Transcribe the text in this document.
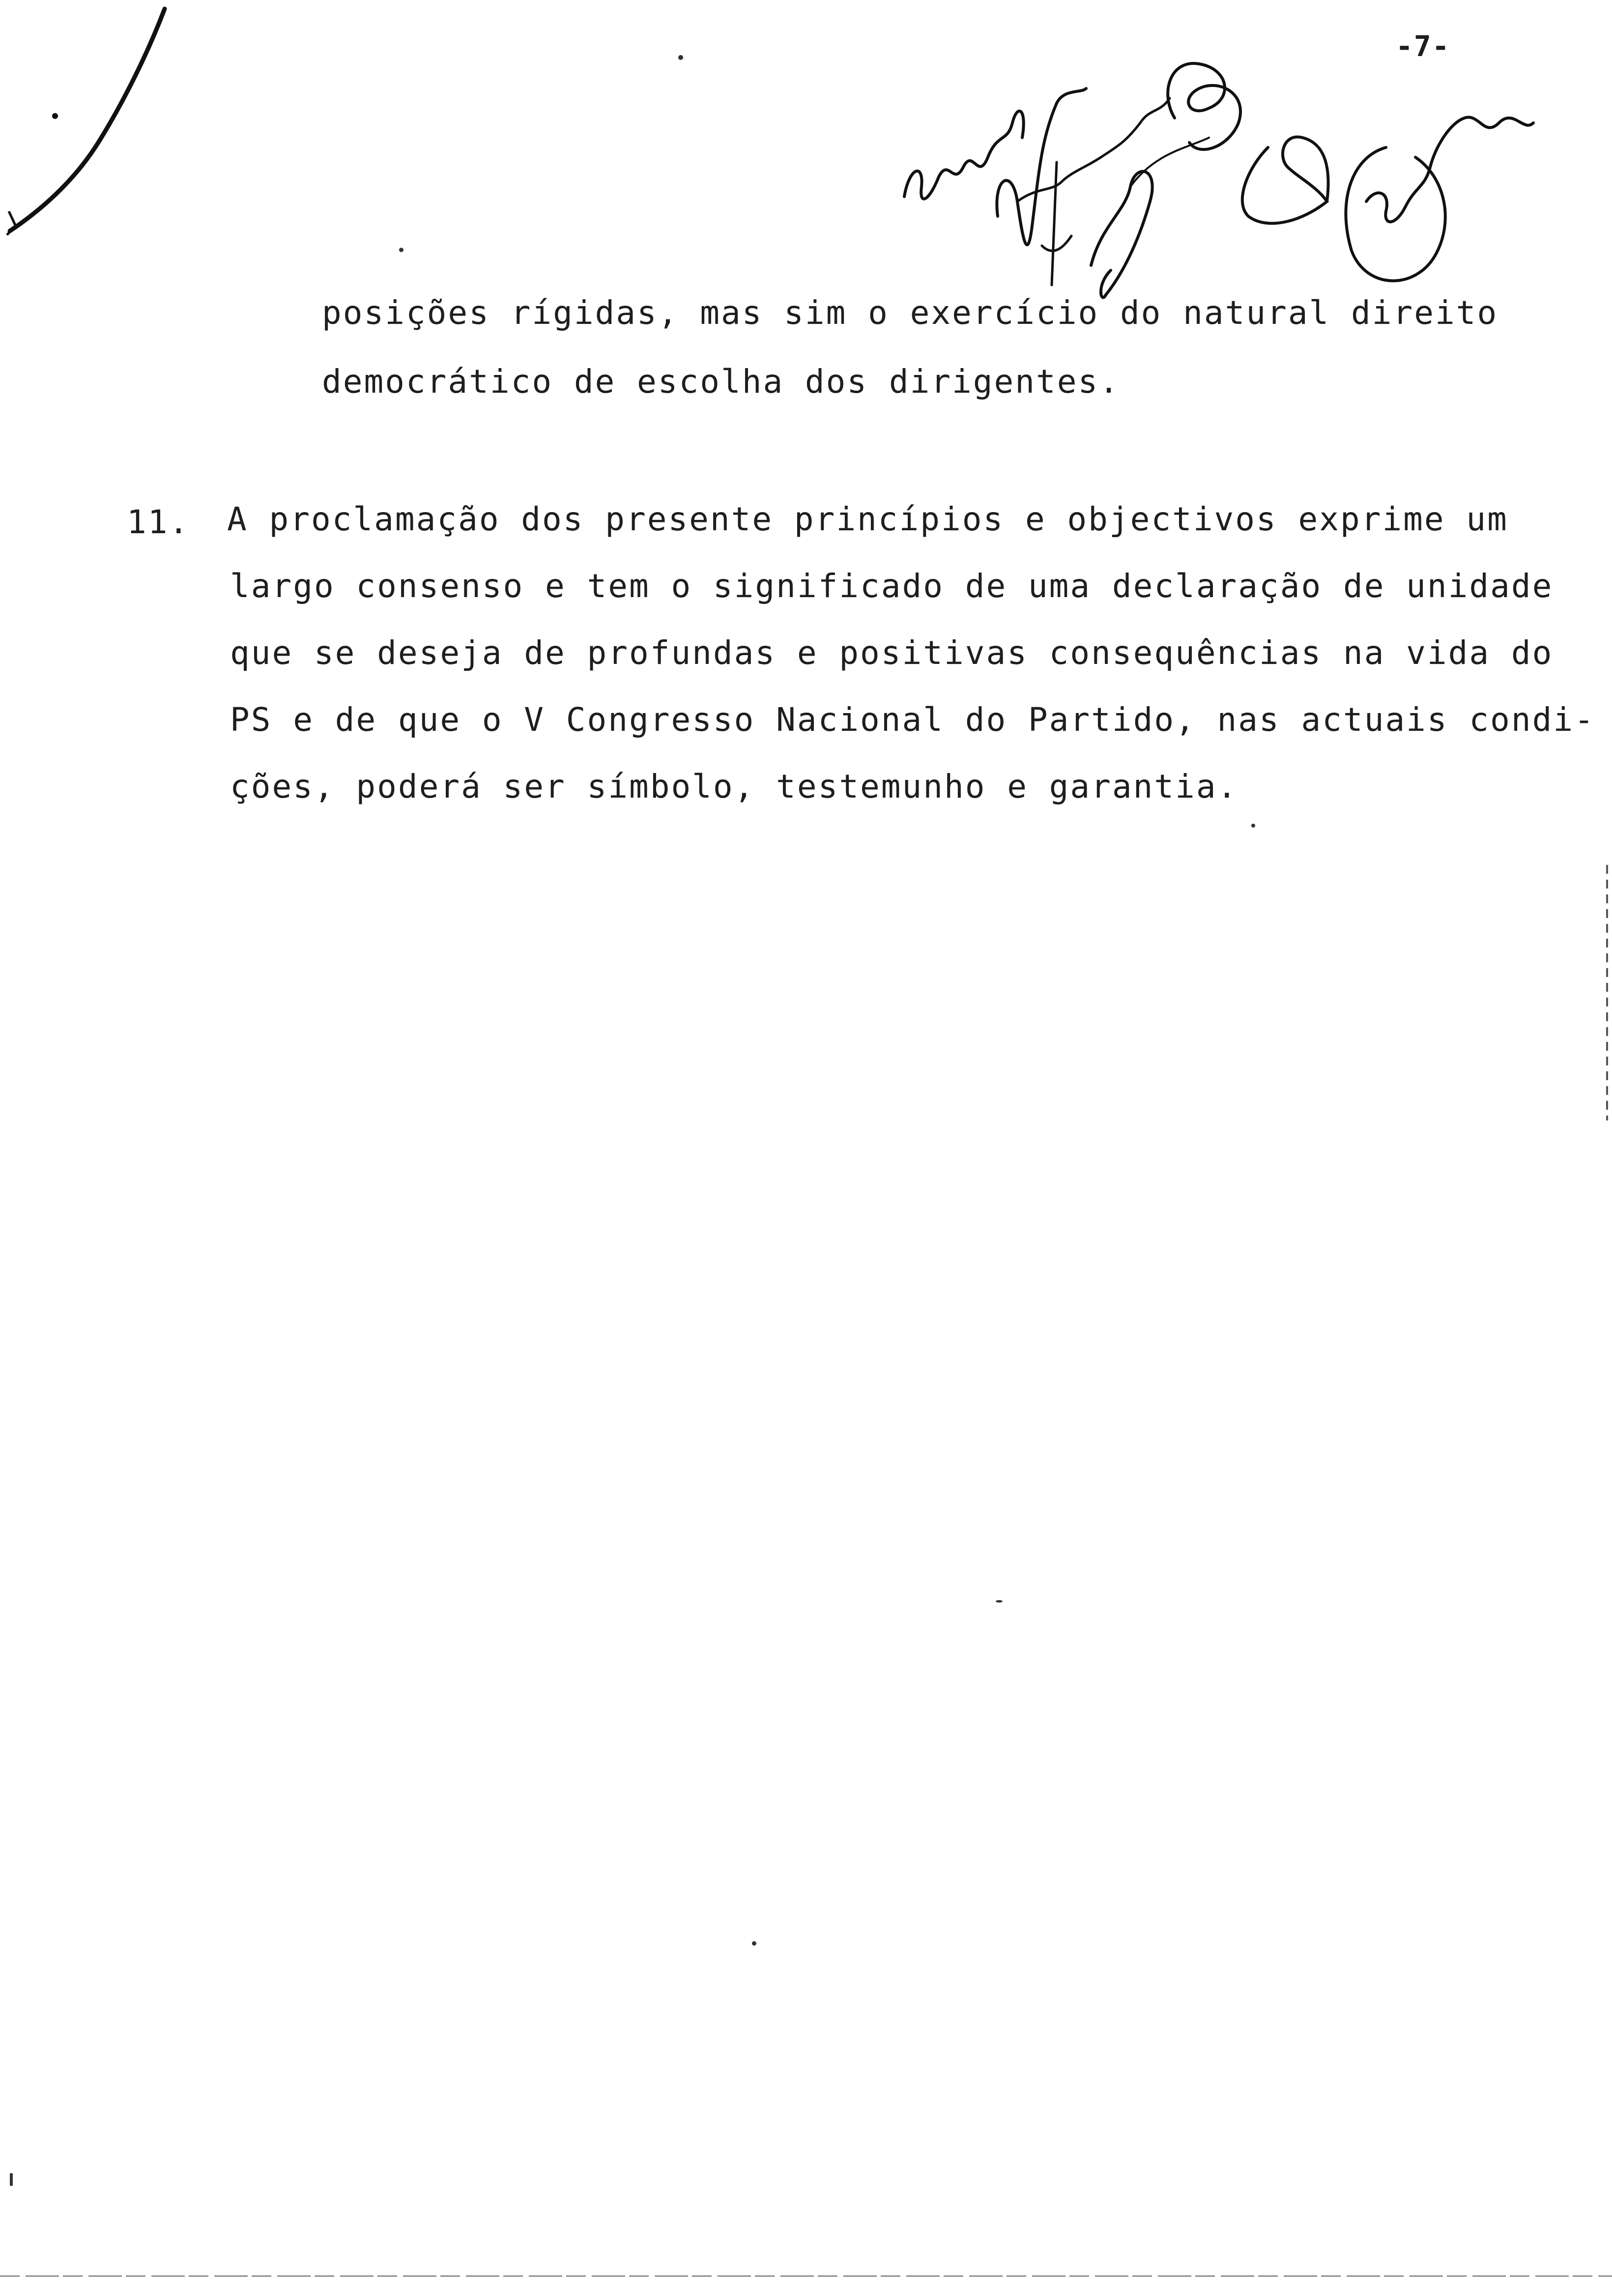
-7-
posições rígidas, mas sim o exercício do natural direito
democrático de escolha dos dirigentes.
11. A proclamação dos presente princípios e objectivos exprime um
largo consenso e tem o significado de uma declaração de unidade
que se deseja de profundas e positivas consequências na vida do
PS e de que o V Congresso Nacional do Partido, nas actuais condi-
ções, poderá ser símbolo, testemunho e garantia.
